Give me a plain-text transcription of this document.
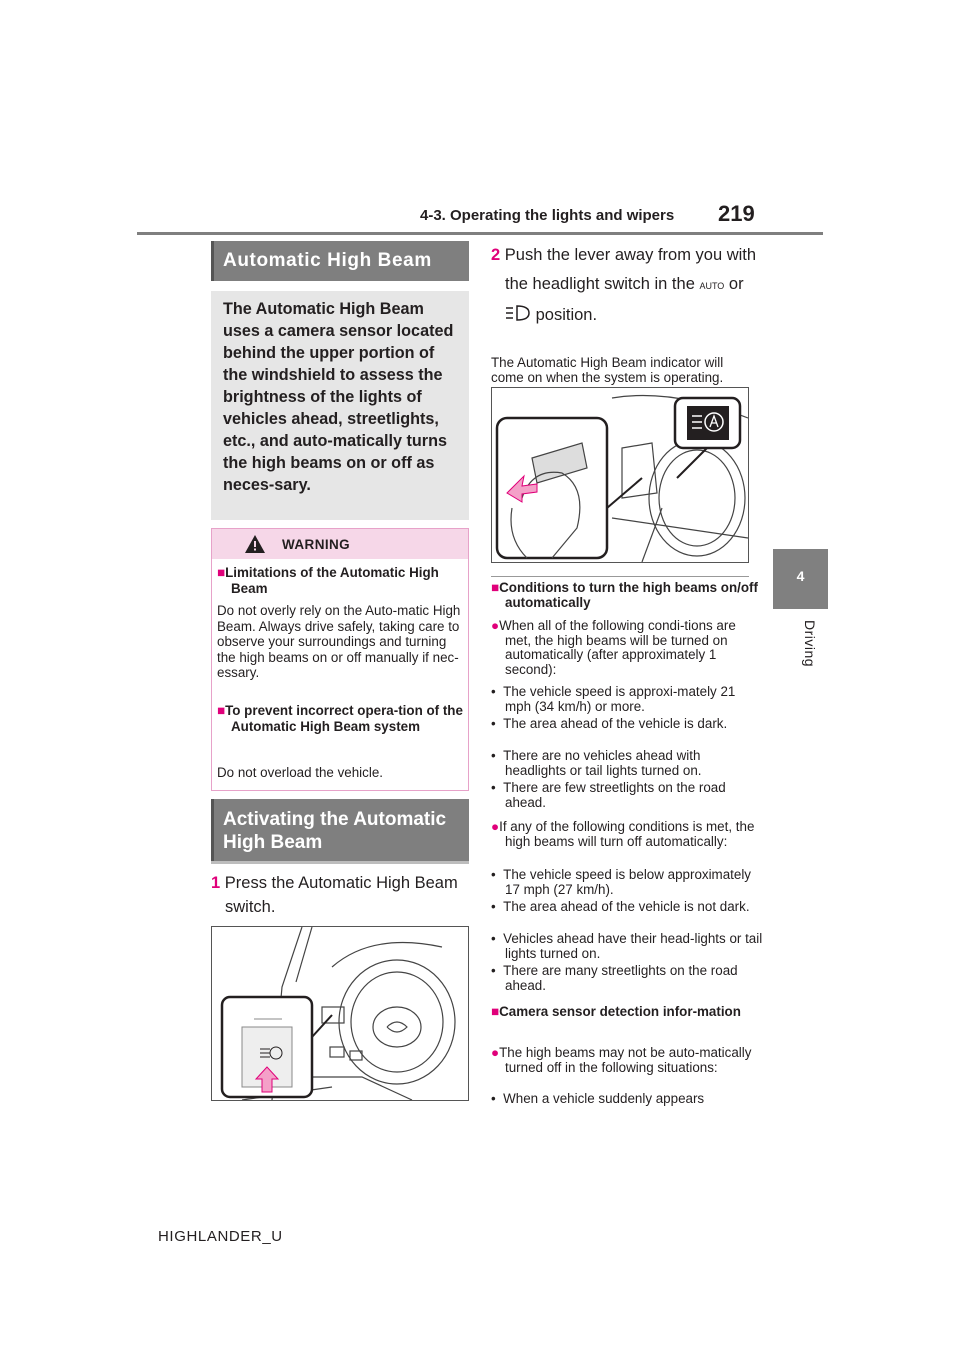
4-3. Operating the lights and wipers 219
4
Driving
Automatic High Beam
The Automatic High Beam uses a camera sensor located behind the upper portion of the windshield to assess the brightness of the lights of vehicles ahead, streetlights, etc., and auto-matically turns the high beams on or off as neces-sary.
WARNING
■Limitations of the Automatic High Beam
Do not overly rely on the Auto-matic High Beam. Always drive safely, taking care to observe your surroundings and turning the high beams on or off manually if nec-essary.
■To prevent incorrect opera-tion of the Automatic High Beam system
Do not overload the vehicle.
Activating the Automatic High Beam
1 Press the Automatic High Beam switch.
2 Push the lever away from you with the headlight switch in the AUTO or  position.
The Automatic High Beam indicator will come on when the system is operating.
■Conditions to turn the high beams on/off automatically
●When all of the following condi-tions are met, the high beams will be turned on automatically (after approximately 1 second):
•  The vehicle speed is approxi-mately 21 mph (34 km/h) or more.
•  The area ahead of the vehicle is dark.
•  There are no vehicles ahead with headlights or tail lights turned on.
•  There are few streetlights on the road ahead.
●If any of the following conditions is met, the high beams will turn off automatically:
•  The vehicle speed is below approximately 17 mph (27 km/h).
•  The area ahead of the vehicle is not dark.
•  Vehicles ahead have their head-lights or tail lights turned on.
•  There are many streetlights on the road ahead.
■Camera sensor detection infor-mation
●The high beams may not be auto-matically turned off in the following situations:
•  When a vehicle suddenly appears
HIGHLANDER_U
